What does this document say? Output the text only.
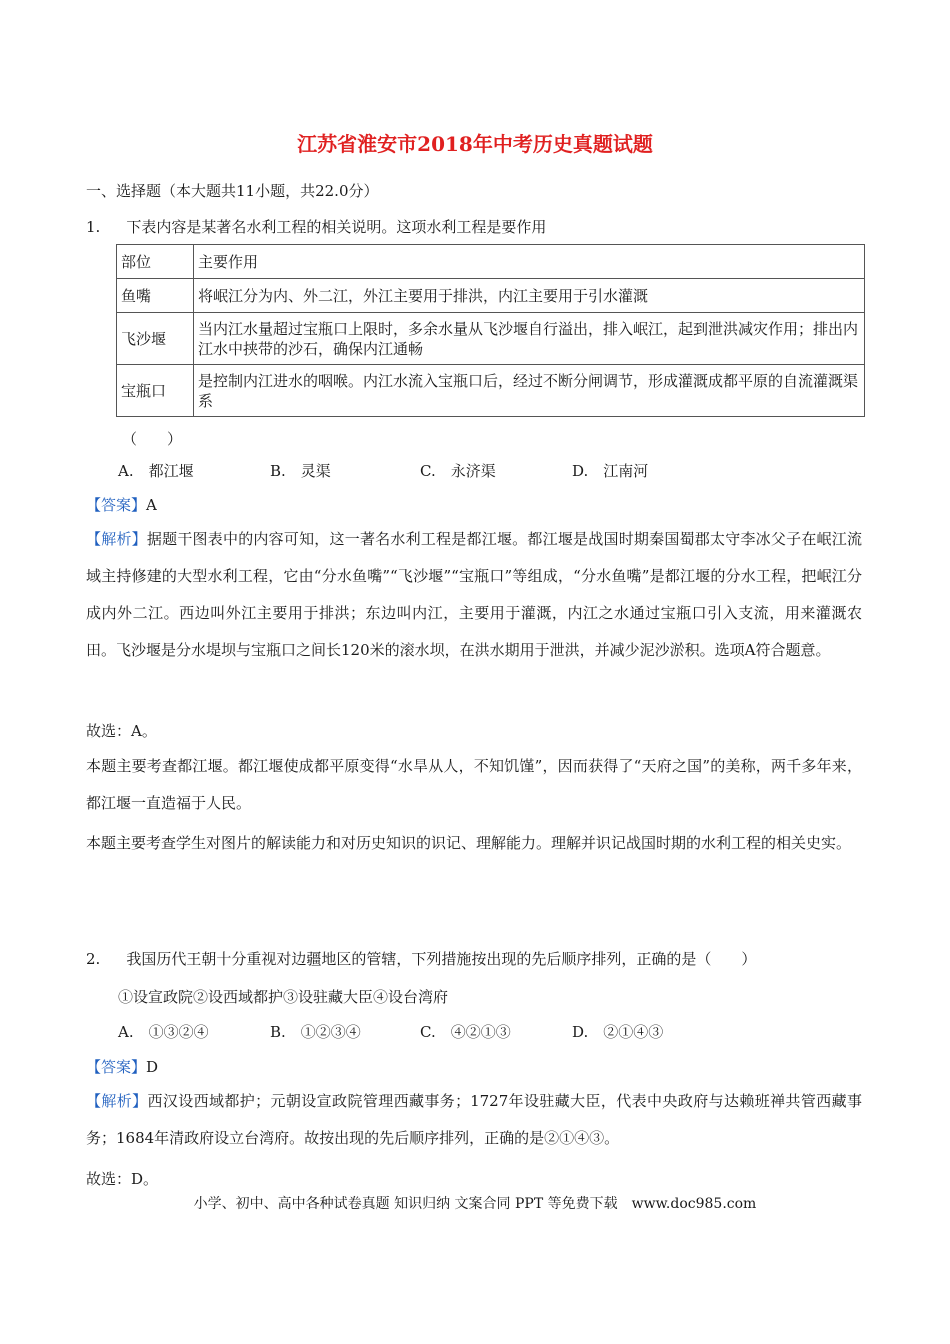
江苏省淮安市2018年中考历史真题试题
一、选择题（本大题共11小题，共22.0分）
1. 下表内容是某著名水利工程的相关说明。这项水利工程是要作用
部位	主要作用
鱼嘴	将岷江分为内、外二江，外江主要用于排洪，内江主要用于引水灌溉
飞沙堰	当内江水量超过宝瓶口上限时，多余水量从飞沙堰自行溢出，排入岷江，起到泄洪减灾作用；排出内江水中挟带的沙石，确保内江通畅
宝瓶口	是控制内江进水的咽喉。内江水流入宝瓶口后，经过不断分闸调节，形成灌溉成都平原的自流灌溉渠系
（　　）
A.　都江堰	B.　灵渠	C.　永济渠	D.　江南河
【答案】A
【解析】据题干图表中的内容可知，这一著名水利工程是都江堰。都江堰是战国时期秦国蜀郡太守李冰父子在岷江流域主持修建的大型水利工程，它由“分水鱼嘴”“飞沙堰”“宝瓶口”等组成，“分水鱼嘴”是都江堰的分水工程，把岷江分成内外二江。西边叫外江主要用于排洪；东边叫内江，主要用于灌溉，内江之水通过宝瓶口引入支流，用来灌溉农田。飞沙堰是分水堤坝与宝瓶口之间长120米的滚水坝，在洪水期用于泄洪，并减少泥沙淤积。选项A符合题意。
故选：A。
本题主要考查都江堰。都江堰使成都平原变得“水旱从人，不知饥馑”，因而获得了“天府之国”的美称，两千多年来，都江堰一直造福于人民。
本题主要考查学生对图片的解读能力和对历史知识的识记、理解能力。理解并识记战国时期的水利工程的相关史实。
2. 我国历代王朝十分重视对边疆地区的管辖，下列措施按出现的先后顺序排列，正确的是（　　）
①设宣政院②设西域都护③设驻藏大臣④设台湾府
A.　①③②④	B.　①②③④	C.　④②①③	D.　②①④③
【答案】D
【解析】西汉设西域都护；元朝设宣政院管理西藏事务；1727年设驻藏大臣，代表中央政府与达赖班禅共管西藏事务；1684年清政府设立台湾府。故按出现的先后顺序排列，正确的是②①④③。
故选：D。
小学、初中、高中各种试卷真题 知识归纳 文案合同 PPT 等免费下载　www.doc985.com
